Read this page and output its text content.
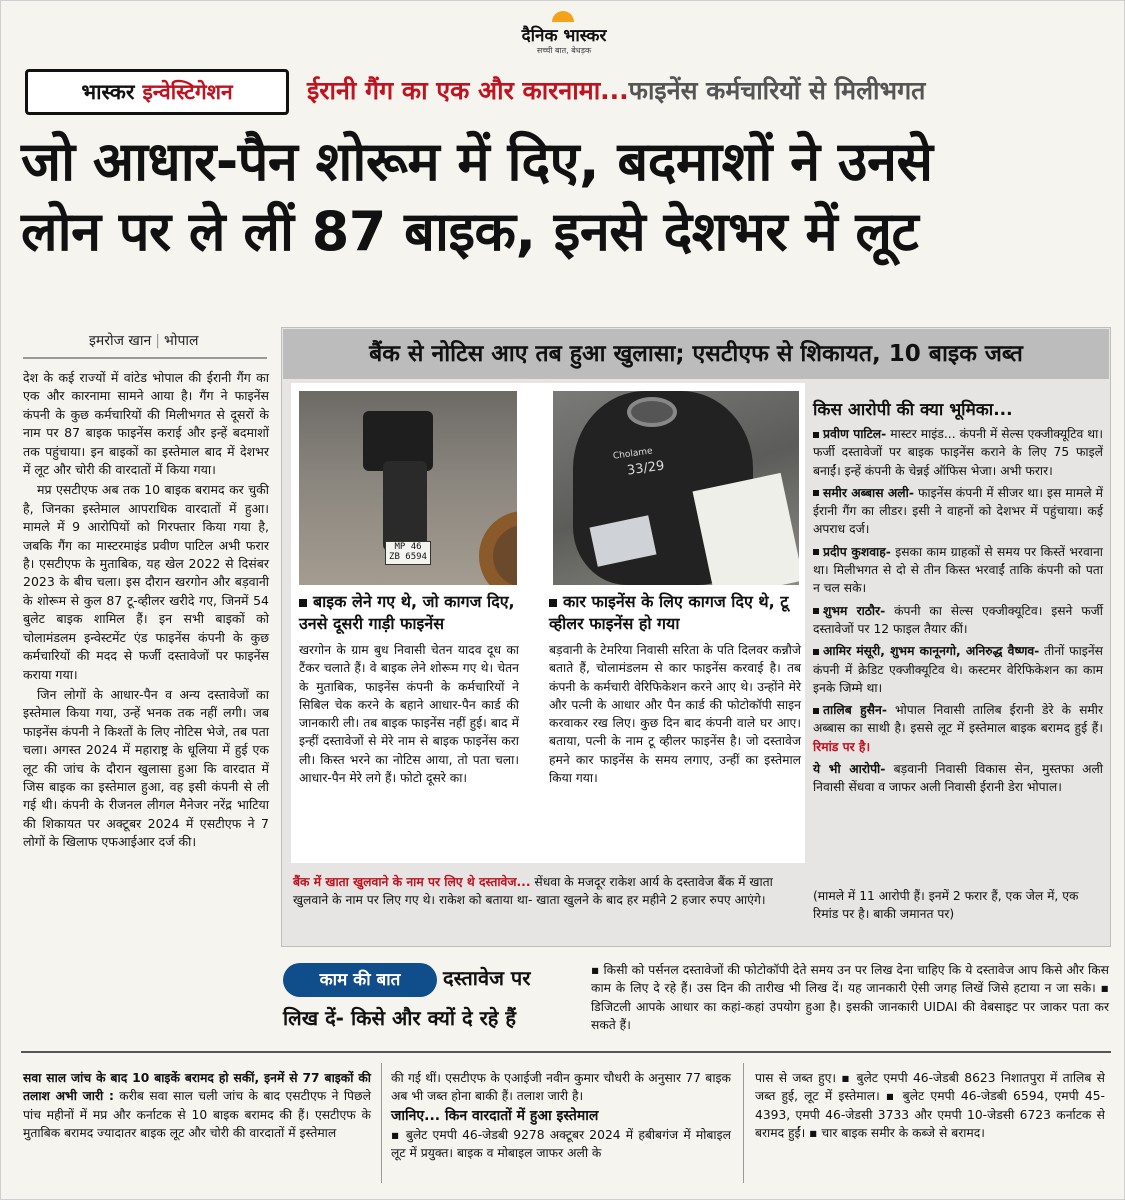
दैनिक भास्कर
सच्ची बात, बेधड़क
भास्कर इन्वेस्टिगेशन	ईरानी गैंग का एक और कारनामा...फाइनेंस कर्मचारियों से मिलीभगत
जो आधार-पैन शोरूम में दिए, बदमाशों ने उनसे
लोन पर ले लीं 87 बाइक, इनसे देशभर में लूट
इमरोज खान | भोपाल

देश के कई राज्यों में वांटेड भोपाल की ईरानी गैंग का एक और कारनामा सामने आया है। गैंग ने फाइनेंस कंपनी के कुछ कर्मचारियों की मिलीभगत से दूसरों के नाम पर 87 बाइक फाइनेंस कराई और इन्हें बदमाशों तक पहुंचाया। इन बाइकों का इस्तेमाल बाद में देशभर में लूट और चोरी की वारदातों में किया गया।

मप्र एसटीएफ अब तक 10 बाइक बरामद कर चुकी है, जिनका इस्तेमाल आपराधिक वारदातों में हुआ। मामले में 9 आरोपियों को गिरफ्तार किया गया है, जबकि गैंग का मास्टरमाइंड प्रवीण पाटिल अभी फरार है। एसटीएफ के मुताबिक, यह खेल 2022 से दिसंबर 2023 के बीच चला। इस दौरान खरगोन और बड़वानी के शोरूम से कुल 87 टू-व्हीलर खरीदे गए, जिनमें 54 बुलेट बाइक शामिल हैं। इन सभी बाइकों को चोलामंडलम इन्वेस्टमेंट एंड फाइनेंस कंपनी के कुछ कर्मचारियों की मदद से फर्जी दस्तावेजों पर फाइनेंस कराया गया।

जिन लोगों के आधार-पैन व अन्य दस्तावेजों का इस्तेमाल किया गया, उन्हें भनक तक नहीं लगी। जब फाइनेंस कंपनी ने किश्तों के लिए नोटिस भेजे, तब पता चला। अगस्त 2024 में महाराष्ट्र के धूलिया में हुई एक लूट की जांच के दौरान खुलासा हुआ कि वारदात में जिस बाइक का इस्तेमाल हुआ, वह इसी कंपनी से ली गई थी। कंपनी के रीजनल लीगल मैनेजर नरेंद्र भाटिया की शिकायत पर अक्टूबर 2024 में एसटीएफ ने 7 लोगों के खिलाफ एफआईआर दर्ज की।

बैंक से नोटिस आए तब हुआ खुलासा; एसटीएफ से शिकायत, 10 बाइक जब्त
MP 46
ZB 6594
Cholame
33/29
बाइक लेने गए थे, जो कागज दिए, उनसे दूसरी गाड़ी फाइनेंस
खरगोन के ग्राम बुध निवासी चेतन यादव दूध का टैंकर चलाते हैं। वे बाइक लेने शोरूम गए थे। चेतन के मुताबिक, फाइनेंस कंपनी के कर्मचारियों ने सिबिल चेक करने के बहाने आधार-पैन कार्ड की जानकारी ली। तब बाइक फाइनेंस नहीं हुई। बाद में इन्हीं दस्तावेजों से मेरे नाम से बाइक फाइनेंस करा ली। किस्त भरने का नोटिस आया, तो पता चला। आधार-पैन मेरे लगे हैं। फोटो दूसरे का।
कार फाइनेंस के लिए कागज दिए थे, टू व्हीलर फाइनेंस हो गया
बड़वानी के टेमरिया निवासी सरिता के पति दिलवर कन्नौजे बताते हैं, चोलामंडलम से कार फाइनेंस करवाई है। तब कंपनी के कर्मचारी वेरिफिकेशन करने आए थे। उन्होंने मेरे और पत्नी के आधार और पैन कार्ड की फोटोकॉपी साइन करवाकर रख लिए। कुछ दिन बाद कंपनी वाले घर आए। बताया, पत्नी के नाम टू व्हीलर फाइनेंस है। जो दस्तावेज हमने कार फाइनेंस के समय लगाए, उन्हीं का इस्तेमाल किया गया।
किस आरोपी की क्या भूमिका...
प्रवीण पाटिल- मास्टर माइंड... कंपनी में सेल्स एक्जीक्यूटिव था। फर्जी दस्तावेजों पर बाइक फाइनेंस कराने के लिए 75 फाइलें बनाईं। इन्हें कंपनी के चेन्नई ऑफिस भेजा। अभी फरार।
समीर अब्बास अली- फाइनेंस कंपनी में सीजर था। इस मामले में ईरानी गैंग का लीडर। इसी ने वाहनों को देशभर में पहुंचाया। कई अपराध दर्ज।
प्रदीप कुशवाह- इसका काम ग्राहकों से समय पर किस्तें भरवाना था। मिलीभगत से दो से तीन किस्त भरवाईं ताकि कंपनी को पता न चल सके।
शुभम राठौर- कंपनी का सेल्स एक्जीक्यूटिव। इसने फर्जी दस्तावेजों पर 12 फाइल तैयार कीं।
आमिर मंसूरी, शुभम कानूनगो, अनिरुद्ध वैष्णव- तीनों फाइनेंस कंपनी में क्रेडिट एक्जीक्यूटिव थे। कस्टमर वेरिफिकेशन का काम इनके जिम्मे था।
तालिब हुसैन- भोपाल निवासी तालिब ईरानी डेरे के समीर अब्बास का साथी है। इससे लूट में इस्तेमाल बाइक बरामद हुई हैं। रिमांड पर है।
ये भी आरोपी- बड़वानी निवासी विकास सेन, मुस्तफा अली निवासी सेंधवा व जाफर अली निवासी ईरानी डेरा भोपाल।
(मामले में 11 आरोपी हैं। इनमें 2 फरार हैं, एक जेल में, एक रिमांड पर है। बाकी जमानत पर)
बैंक में खाता खुलवाने के नाम पर लिए थे दस्तावेज... सेंधवा के मजदूर राकेश आर्य के दस्तावेज बैंक में खाता खुलवाने के नाम पर लिए गए थे। राकेश को बताया था- खाता खुलने के बाद हर महीने 2 हजार रुपए आएंगे।
काम की बात	दस्तावेज पर
लिख दें- किसे और क्यों दे रहे हैं
▪ किसी को पर्सनल दस्तावेजों की फोटोकॉपी देते समय उन पर लिख देना चाहिए कि ये दस्तावेज आप किसे और किस काम के लिए दे रहे हैं। उस दिन की तारीख भी लिख दें। यह जानकारी ऐसी जगह लिखें जिसे हटाया न जा सके। ▪ डिजिटली आपके आधार का कहां-कहां उपयोग हुआ है। इसकी जानकारी UIDAI की वेबसाइट पर जाकर पता कर सकते हैं।
सवा साल जांच के बाद 10 बाइकें बरामद हो सकीं, इनमें से 77 बाइकों की तलाश अभी जारी : करीब सवा साल चली जांच के बाद एसटीएफ ने पिछले पांच महीनों में मप्र और कर्नाटक से 10 बाइक बरामद की हैं। एसटीएफ के मुताबिक बरामद ज्यादातर बाइक लूट और चोरी की वारदातों में इस्तेमाल
की गई थीं। एसटीएफ के एआईजी नवीन कुमार चौधरी के अनुसार 77 बाइक अब भी जब्त होना बाकी हैं। तलाश जारी है।
जानिए... किन वारदातों में हुआ इस्तेमाल
▪ बुलेट एमपी 46-जेडबी 9278 अक्टूबर 2024 में हबीबगंज में मोबाइल लूट में प्रयुक्त। बाइक व मोबाइल जाफर अली के
पास से जब्त हुए। ▪ बुलेट एमपी 46-जेडबी 8623 निशातपुरा में तालिब से जब्त हुई, लूट में इस्तेमाल। ▪ बुलेट एमपी 46-जेडबी 6594, एमपी 45-4393, एमपी 46-जेडसी 3733 और एमपी 10-जेडसी 6723 कर्नाटक से बरामद हुईं। ▪ चार बाइक समीर के कब्जे से बरामद।
